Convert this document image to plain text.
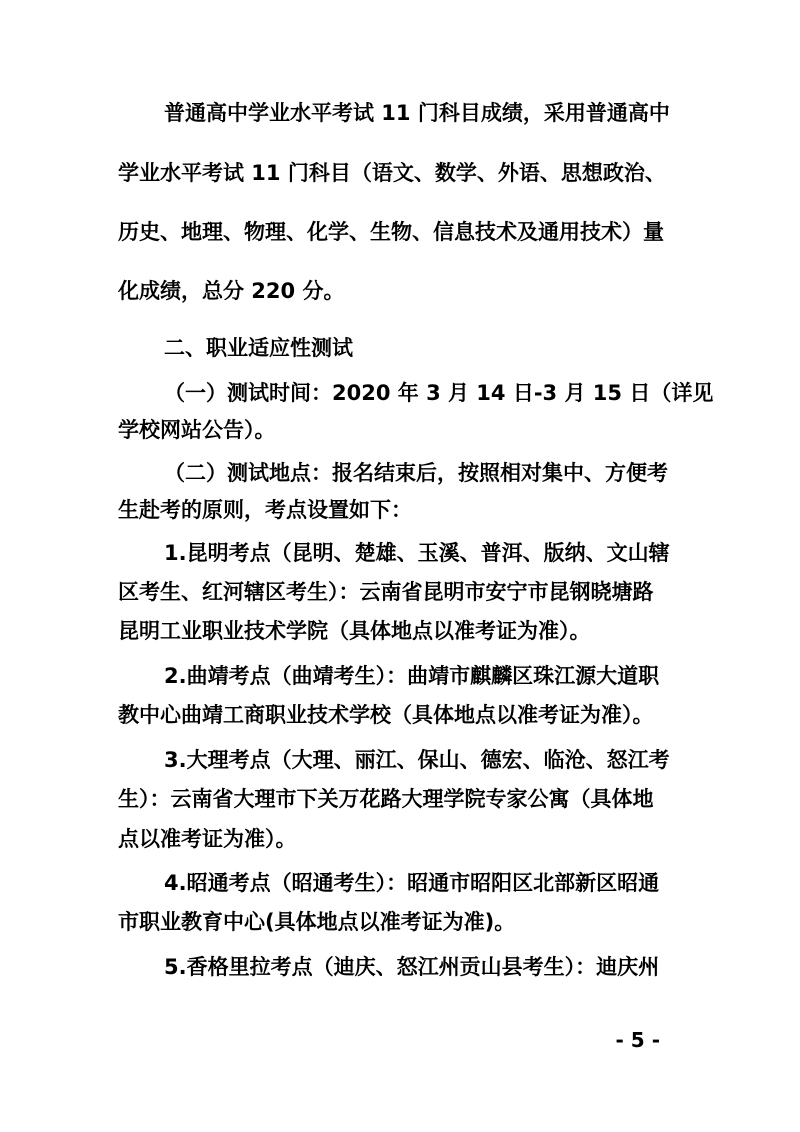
普通高中学业水平考试 11 门科目成绩，采用普通高中
学业水平考试 11 门科目（语文、数学、外语、思想政治、
历史、地理、物理、化学、生物、信息技术及通用技术）量
化成绩，总分 220 分。
二、职业适应性测试
（一）测试时间：2020 年 3 月 14 日-3 月 15 日（详见
学校网站公告）。
（二）测试地点：报名结束后，按照相对集中、方便考
生赴考的原则，考点设置如下：
1.昆明考点（昆明、楚雄、玉溪、普洱、版纳、文山辖
区考生、红河辖区考生）：云南省昆明市安宁市昆钢晓塘路
昆明工业职业技术学院（具体地点以准考证为准）。
2.曲靖考点（曲靖考生）：曲靖市麒麟区珠江源大道职
教中心曲靖工商职业技术学校（具体地点以准考证为准）。
3.大理考点（大理、丽江、保山、德宏、临沧、怒江考
生）：云南省大理市下关万花路大理学院专家公寓（具体地
点以准考证为准）。
4.昭通考点（昭通考生）：昭通市昭阳区北部新区昭通
市职业教育中心(具体地点以准考证为准)。
5.香格里拉考点（迪庆、怒江州贡山县考生）：迪庆州
- 5 -
